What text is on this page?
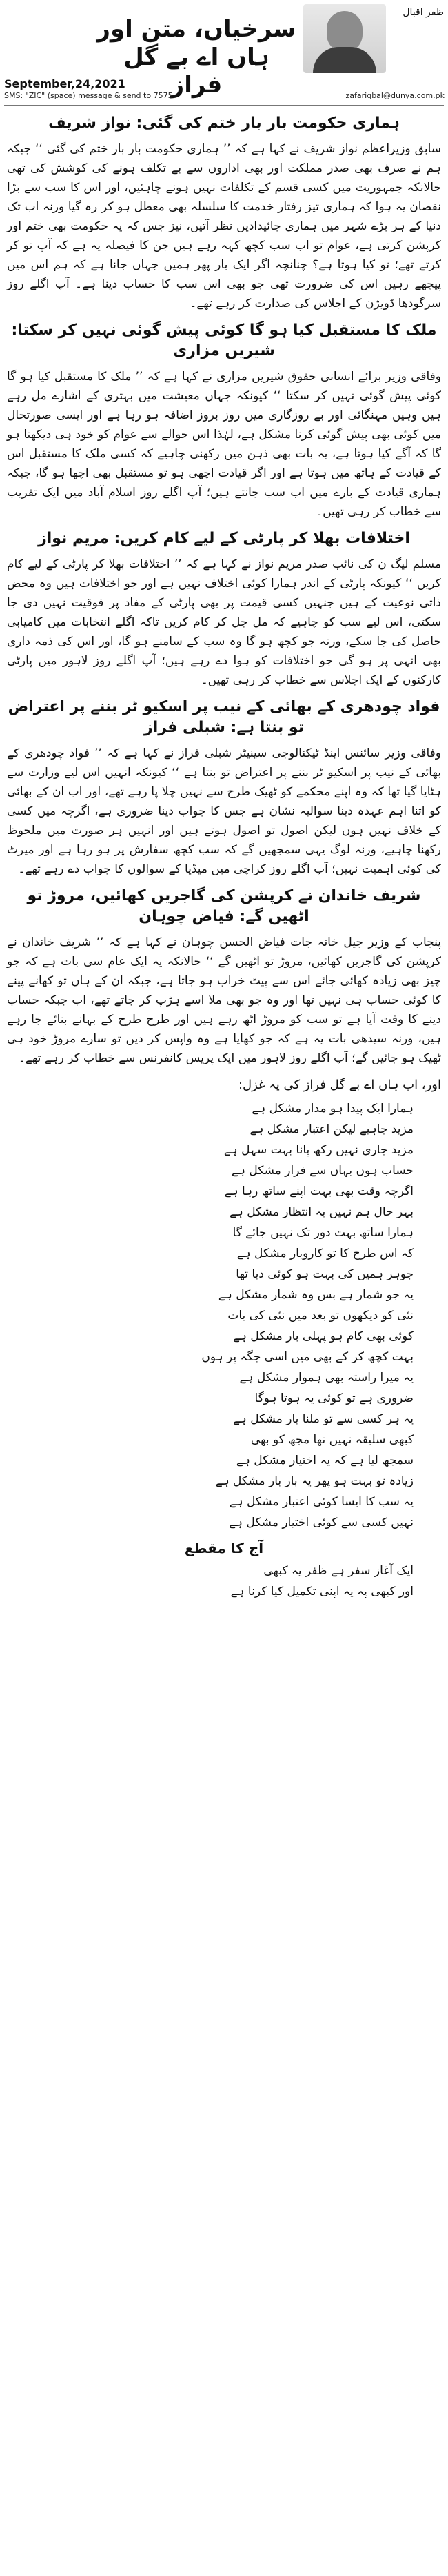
ظفر اقبال
سرخیاں، متن اور ہاں اے بے گل فراز
September,24,2021
SMS: "ZIC" (space) message & send to 7575	zafariqbal@dunya.com.pk
ہماری حکومت بار بار ختم کی گئی: نواز شریف

سابق وزیراعظم نواز شریف نے کہا ہے کہ ’’ ہماری حکومت بار بار ختم کی گئی ‘‘ جبکہ ہم نے صرف بھی صدر مملکت اور بھی اداروں سے بے تکلف ہونے کی کوشش کی تھی حالانکہ جمہوریت میں کسی قسم کے تکلفات نہیں ہونے چاہئیں، اور اس کا سب سے بڑا نقصان یہ ہوا کہ ہماری تیز رفتار خدمت کا سلسلہ بھی معطل ہو کر رہ گیا ورنہ اب تک دنیا کے ہر بڑے شہر میں ہماری جائیدادیں نظر آتیں، نیز جس کہ یہ حکومت بھی ختم اور کرپشن کرتی ہے، عوام تو اب سب کچھ کہہ رہے ہیں جن کا فیصلہ یہ ہے کہ آپ تو کر کرتے تھے؛ تو کیا ہوتا ہے؟ چنانچہ اگر ایک بار پھر ہمیں جہاں جانا ہے کہ ہم اس میں پیچھے رہیں اس کی ضرورت تھی جو بھی اس سب کا حساب دینا ہے۔ آپ اگلے روز سرگودھا ڈویژن کے اجلاس کی صدارت کر رہے تھے۔

ملک کا مستقبل کیا ہو گا کوئی پیش گوئی نہیں کر سکتا: شیریں مزاری

وفاقی وزیر برائے انسانی حقوق شیریں مزاری نے کہا ہے کہ ’’ ملک کا مستقبل کیا ہو گا کوئی پیش گوئی نہیں کر سکتا ‘‘ کیونکہ جہاں معیشت میں بہتری کے اشارے مل رہے ہیں وہیں مہنگائی اور بے روزگاری میں روز بروز اضافہ ہو رہا ہے اور ایسی صورتحال میں کوئی بھی پیش گوئی کرنا مشکل ہے، لہٰذا اس حوالے سے عوام کو خود ہی دیکھنا ہو گا کہ آگے کیا ہوتا ہے، یہ بات بھی ذہن میں رکھنی چاہیے کہ کسی ملک کا مستقبل اس کے قیادت کے ہاتھ میں ہوتا ہے اور اگر قیادت اچھی ہو تو مستقبل بھی اچھا ہو گا، جبکہ ہماری قیادت کے بارے میں اب سب جانتے ہیں؛ آپ اگلے روز اسلام آباد میں ایک تقریب سے خطاب کر رہی تھیں۔

اختلافات بھلا کر پارٹی کے لیے کام کریں: مریم نواز

مسلم لیگ ن کی نائب صدر مریم نواز نے کہا ہے کہ ’’ اختلافات بھلا کر پارٹی کے لیے کام کریں ‘‘ کیونکہ پارٹی کے اندر ہمارا کوئی اختلاف نہیں ہے اور جو اختلافات ہیں وہ محض ذاتی نوعیت کے ہیں جنہیں کسی قیمت پر بھی پارٹی کے مفاد پر فوقیت نہیں دی جا سکتی، اس لیے سب کو چاہیے کہ مل جل کر کام کریں تاکہ اگلے انتخابات میں کامیابی حاصل کی جا سکے، ورنہ جو کچھ ہو گا وہ سب کے سامنے ہو گا، اور اس کی ذمہ داری بھی انہی پر ہو گی جو اختلافات کو ہوا دے رہے ہیں؛ آپ اگلے روز لاہور میں پارٹی کارکنوں کے ایک اجلاس سے خطاب کر رہی تھیں۔

فواد چودھری کے بھائی کے نیب پر اسکیو ٹر بننے پر اعتراض تو بنتا ہے: شبلی فراز

وفاقی وزیر سائنس اینڈ ٹیکنالوجی سینیٹر شبلی فراز نے کہا ہے کہ ’’ فواد چودھری کے بھائی کے نیب پر اسکیو ٹر بننے پر اعتراض تو بنتا ہے ‘‘ کیونکہ انہیں اس لیے وزارت سے ہٹایا گیا تھا کہ وہ اپنے محکمے کو ٹھیک طرح سے نہیں چلا پا رہے تھے، اور اب ان کے بھائی کو اتنا اہم عہدہ دینا سوالیہ نشان ہے جس کا جواب دینا ضروری ہے، اگرچہ میں کسی کے خلاف نہیں ہوں لیکن اصول تو اصول ہوتے ہیں اور انہیں ہر صورت میں ملحوظ رکھنا چاہیے، ورنہ لوگ یہی سمجھیں گے کہ سب کچھ سفارش پر ہو رہا ہے اور میرٹ کی کوئی اہمیت نہیں؛ آپ اگلے روز کراچی میں میڈیا کے سوالوں کا جواب دے رہے تھے۔

شریف خاندان نے کرپشن کی گاجریں کھائیں، مروڑ تو اٹھیں گے: فیاض چوہان

پنجاب کے وزیر جیل خانہ جات فیاض الحسن چوہان نے کہا ہے کہ ’’ شریف خاندان نے کرپشن کی گاجریں کھائیں، مروڑ تو اٹھیں گے ‘‘ حالانکہ یہ ایک عام سی بات ہے کہ جو چیز بھی زیادہ کھائی جائے اس سے پیٹ خراب ہو جاتا ہے، جبکہ ان کے ہاں تو کھانے پینے کا کوئی حساب ہی نہیں تھا اور وہ جو بھی ملا اسے ہڑپ کر جاتے تھے، اب جبکہ حساب دینے کا وقت آیا ہے تو سب کو مروڑ اٹھ رہے ہیں اور طرح طرح کے بہانے بنائے جا رہے ہیں، ورنہ سیدھی بات یہ ہے کہ جو کھایا ہے وہ واپس کر دیں تو سارے مروڑ خود ہی ٹھیک ہو جائیں گے؛ آپ اگلے روز لاہور میں ایک پریس کانفرنس سے خطاب کر رہے تھے۔

اور، اب ہاں اے بے گل فراز کی یہ غزل:
ہمارا ایک پیدا ہو مدار مشکل ہے
مزید جاہیے لیکن اعتبار مشکل ہے
مزید جاری نہیں رکھ پانا بہت سہل ہے
حساب ہوں بہاں سے فرار مشکل ہے
اگرچہ وقت بھی بہت اپنے ساتھ رہا ہے
بہر حال ہم نہیں یہ انتظار مشکل ہے
ہمارا ساتھ بہت دور تک نہیں جائے گا
کہ اس طرح کا تو کاروبار مشکل ہے
جوہر ہمیں کی بہت ہو کوئی دیا تھا
یہ جو شمار ہے بس وہ شمار مشکل ہے
نئی کو دیکھوں تو بعد میں نئی کی بات
کوئی بھی کام ہو پہلی بار مشکل ہے
بہت کچھ کر کے بھی میں اسی جگہ پر ہوں
یہ میرا راستہ بھی ہموار مشکل ہے
ضروری ہے تو کوئی یہ ہوتا ہوگا
یہ ہر کسی سے تو ملنا یار مشکل ہے
کبھی سلیقہ نہیں تھا مجھ کو بھی
سمجھ لیا ہے کہ یہ اختیار مشکل ہے
زیادہ تو بہت ہو پھر یہ بار بار مشکل ہے
یہ سب کا ایسا کوئی اعتبار مشکل ہے
نہیں کسی سے کوئی اختیار مشکل ہے
آج کا مقطع
ایک آغاز سفر ہے ظفر یہ کبھی
اور کبھی پہ یہ اپنی تکمیل کیا کرنا ہے
